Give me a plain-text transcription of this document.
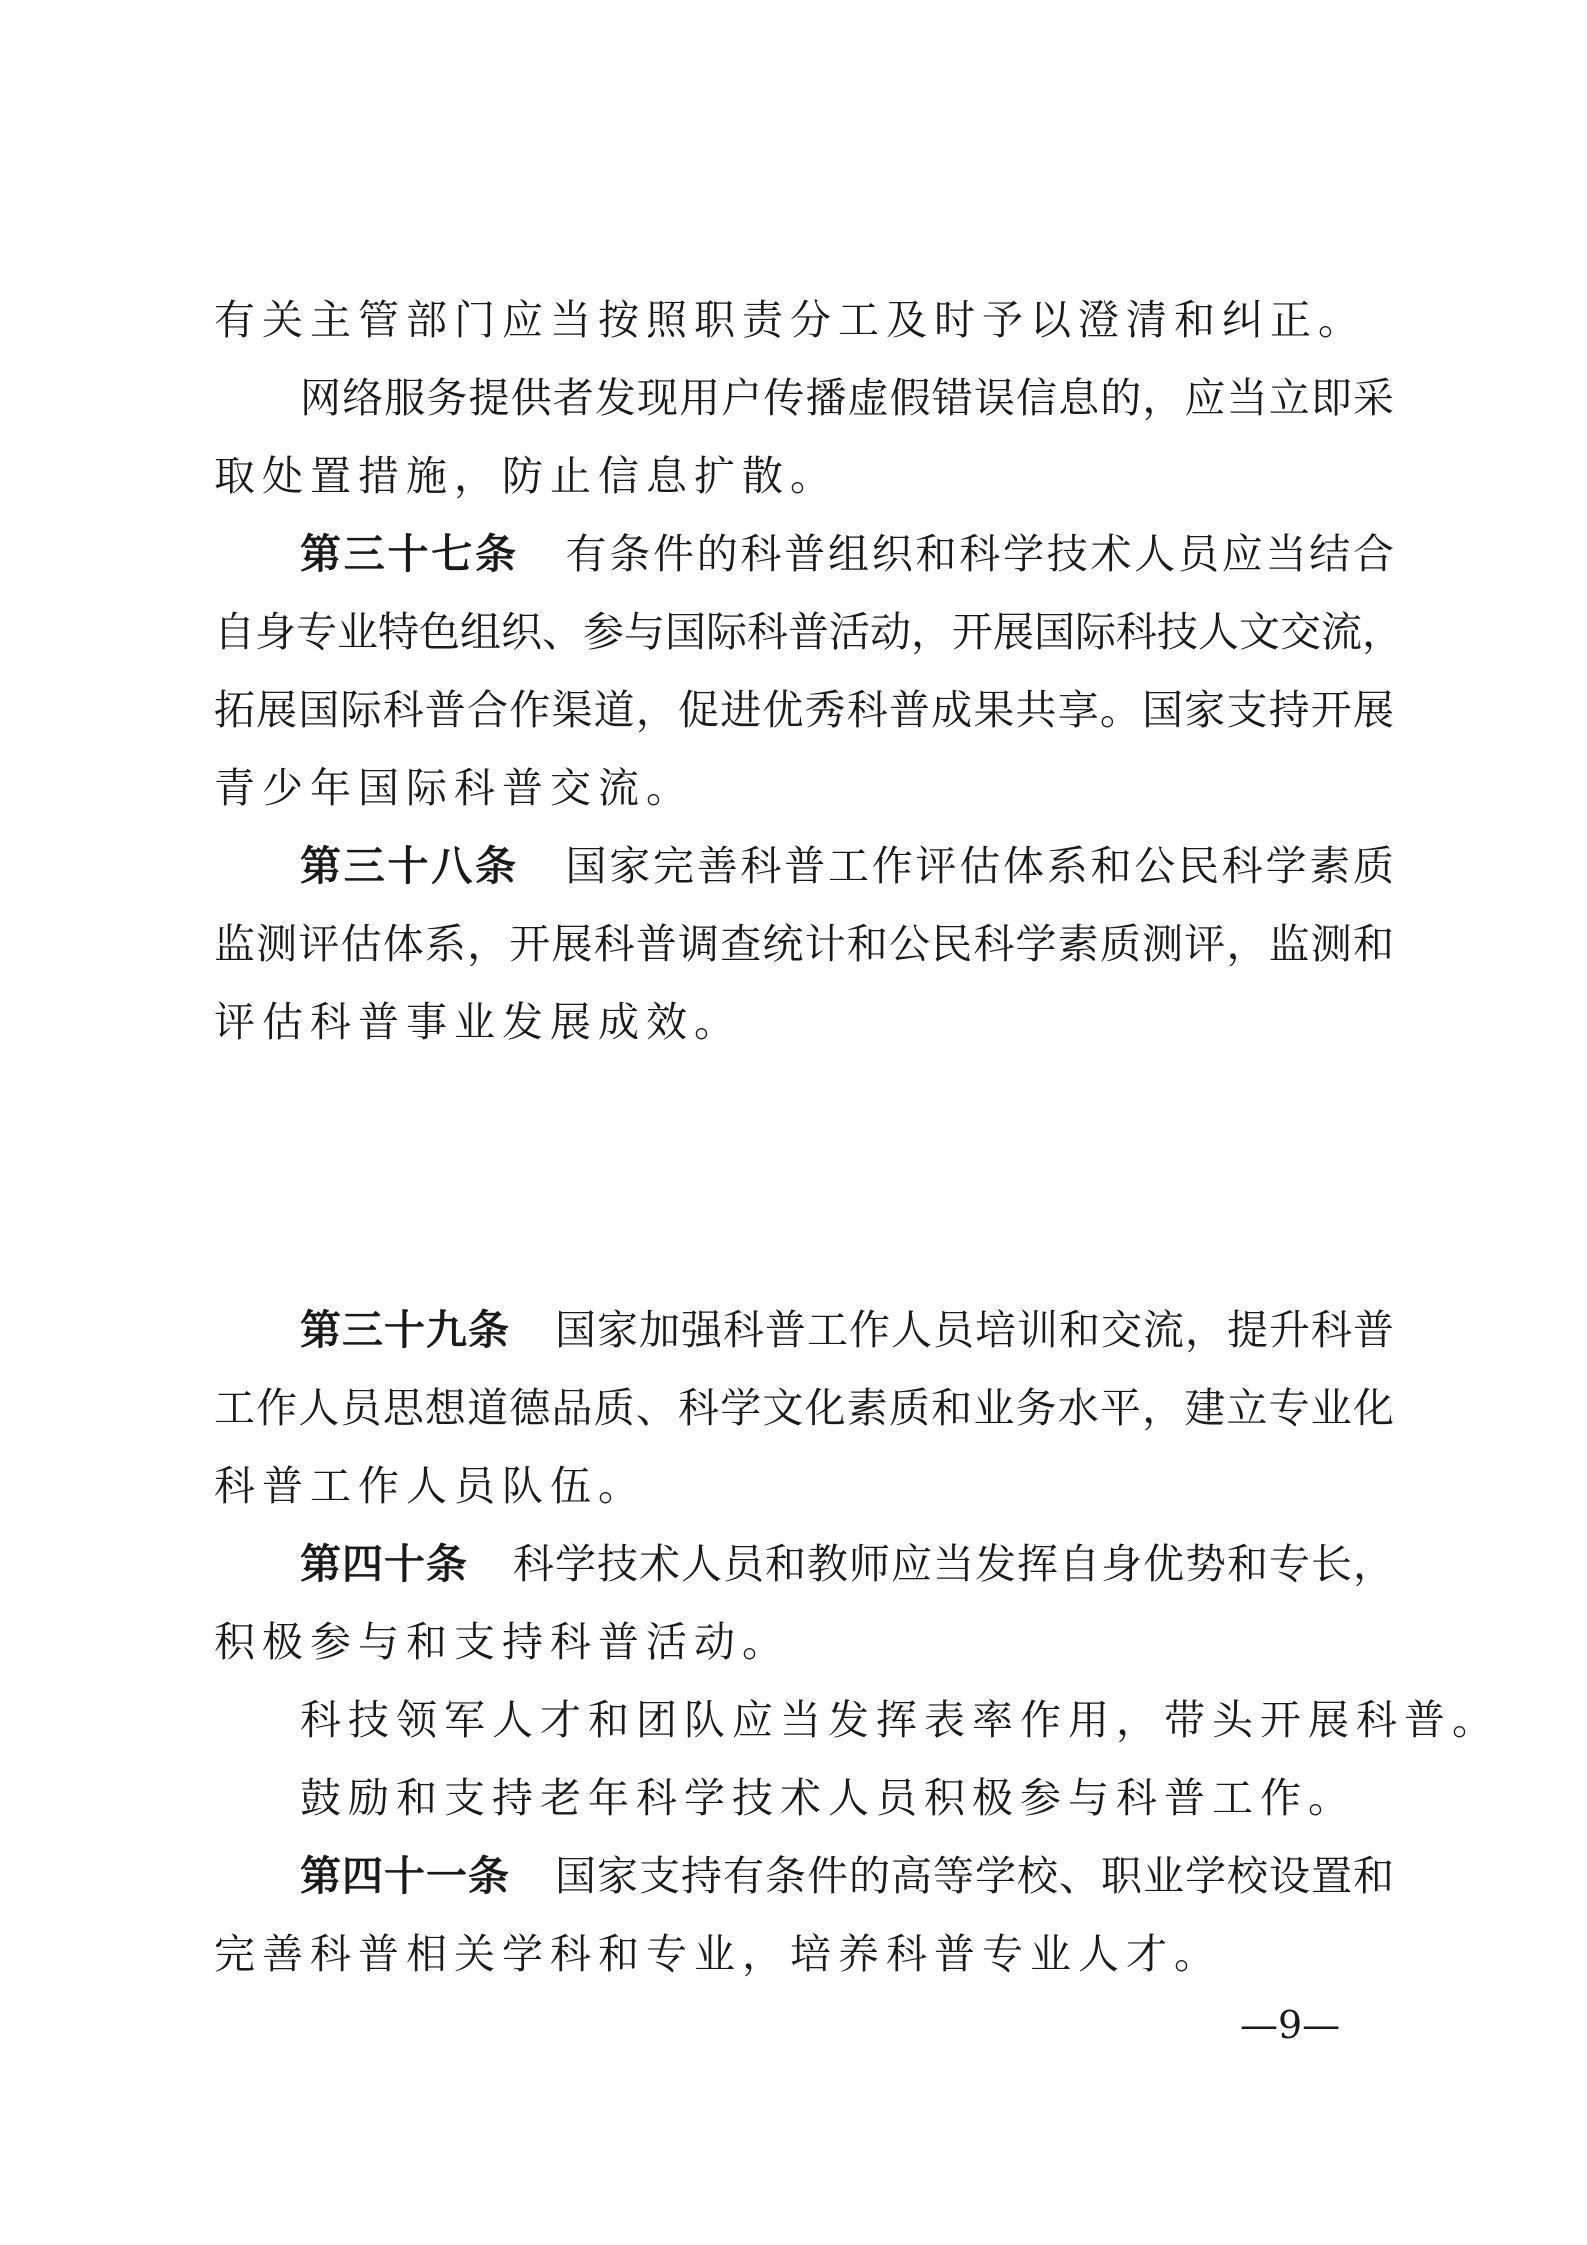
有关主管部门应当按照职责分工及时予以澄清和纠正。
网络服务提供者发现用户传播虚假错误信息的，应当立即采
取处置措施，防止信息扩散。
第三十七条 有条件的科普组织和科学技术人员应当结合
自身专业特色组织、参与国际科普活动，开展国际科技人文交流，
拓展国际科普合作渠道，促进优秀科普成果共享。国家支持开展
青少年国际科普交流。
第三十八条 国家完善科普工作评估体系和公民科学素质
监测评估体系，开展科普调查统计和公民科学素质测评，监测和
评估科普事业发展成效。
第三十九条 国家加强科普工作人员培训和交流，提升科普
工作人员思想道德品质、科学文化素质和业务水平，建立专业化
科普工作人员队伍。
第四十条 科学技术人员和教师应当发挥自身优势和专长，
积极参与和支持科普活动。
科技领军人才和团队应当发挥表率作用，带头开展科普。
鼓励和支持老年科学技术人员积极参与科普工作。
第四十一条 国家支持有条件的高等学校、职业学校设置和
完善科普相关学科和专业，培养科普专业人才。
—9—
